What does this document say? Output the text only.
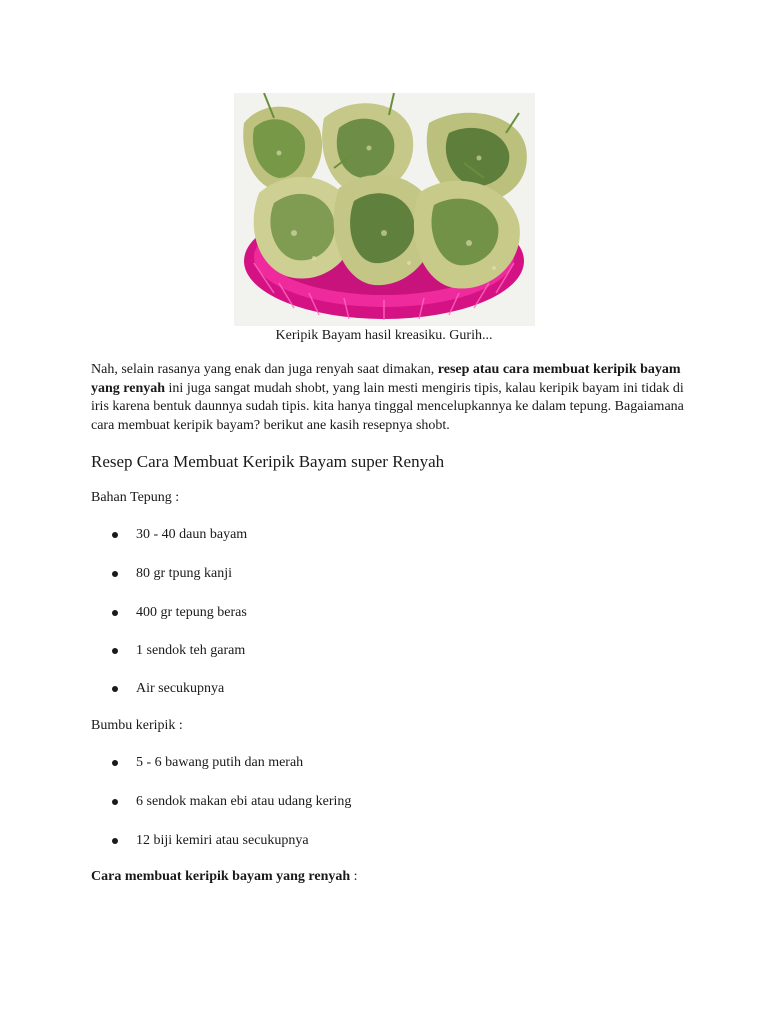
Keripik Bayam hasil kreasiku. Gurih...

Nah, selain rasanya yang enak dan juga renyah saat dimakan, resep atau cara membuat keripik bayam yang renyah ini juga sangat mudah shobt, yang lain mesti mengiris tipis, kalau keripik bayam ini tidak di iris karena bentuk daunnya sudah tipis. kita hanya tinggal mencelupkannya ke dalam tepung. Bagaiamana cara membuat keripik bayam? berikut ane kasih resepnya shobt.

Resep Cara Membuat Keripik Bayam super Renyah

Bahan Tepung :

30 - 40 daun bayam
80 gr tpung kanji
400 gr tepung beras
1 sendok teh garam
Air secukupnya

Bumbu keripik :

5 - 6 bawang putih dan merah
6 sendok makan ebi atau udang kering
12 biji kemiri atau secukupnya

Cara membuat keripik bayam yang renyah :
